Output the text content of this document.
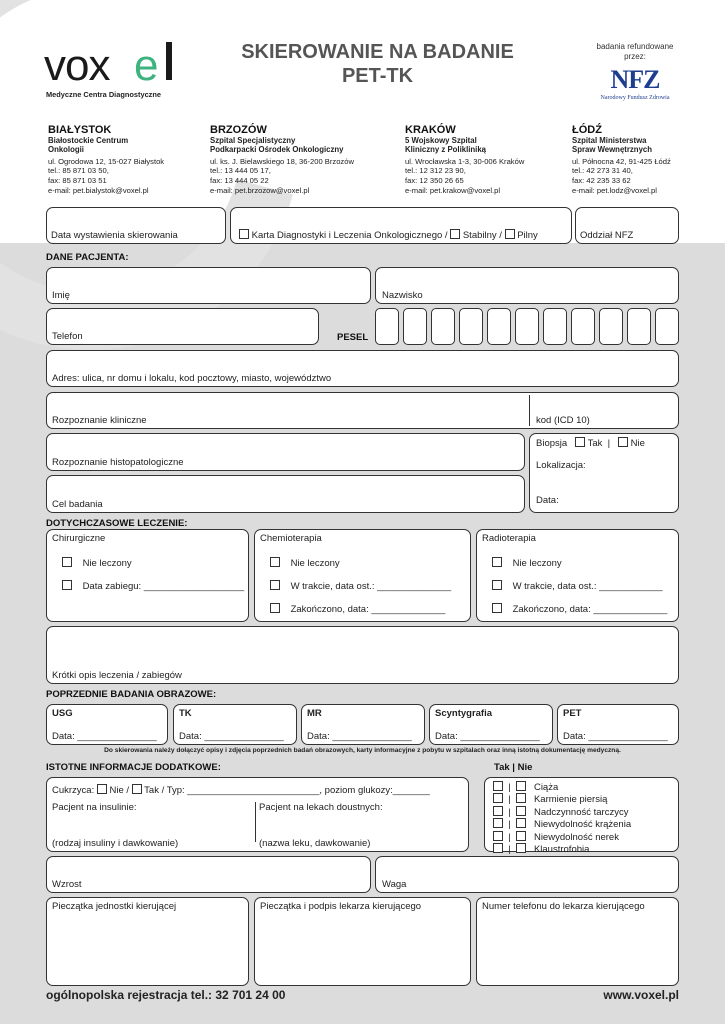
vox e
Medyczne Centra Diagnostyczne
SKIEROWANIE NA BADANIE
PET-TK
badania refundowane
przez:
NFZ
Narodowy Fundusz Zdrowia
BIAŁYSTOK
Białostockie Centrum
Onkologii
ul. Ogrodowa 12, 15-027 Białystok
tel.: 85 871 03 50,
fax: 85 871 03 51
e-mail: pet.bialystok@voxel.pl
BRZOZÓW
Szpital Specjalistyczny
Podkarpacki Ośrodek Onkologiczny
ul. ks. J. Bielawskiego 18, 36-200 Brzozów
tel.: 13 444 05 17,
fax: 13 444 05 22
e-mail: pet.brzozow@voxel.pl
KRAKÓW
5 Wojskowy Szpital
Kliniczny z Polikliniką
ul. Wrocławska 1-3, 30-006 Kraków
tel.: 12 312 23 90,
fax: 12 350 26 65
e-mail: pet.krakow@voxel.pl
ŁÓDŹ
Szpital Ministerstwa
Spraw Wewnętrznych
ul. Północna 42, 91-425 Łódź
tel.: 42 273 31 40,
fax: 42 235 33 62
e-mail: pet.lodz@voxel.pl
Data wystawienia skierowania	Karta Diagnostyki i Leczenia Onkologicznego / Stabilny / Pilny	Oddział NFZ
DANE PACJENTA:
Imię	Nazwisko
Telefon	PESEL
Adres: ulica, nr domu i lokalu, kod pocztowy, miasto, województwo
Rozpoznanie kliniczne	kod (ICD 10)
Rozpoznanie histopatologiczne
Cel badania
Biopsja Tak | Nie
Lokalizacja:
Data:
DOTYCHCZASOWE LECZENIE:
Chirurgiczne
Nie leczony
Data zabiegu: ___________________
Chemioterapia
Nie leczony
W trakcie, data ost.: ______________
Zakończono, data: ______________
Radioterapia
Nie leczony
W trakcie, data ost.: ____________
Zakończono, data: ______________
Krótki opis leczenia / zabiegów
POPRZEDNIE BADANIA OBRAZOWE:
USG
Data: _______________
TK
Data: _______________
MR
Data: _______________
Scyntygrafia
Data: _______________
PET
Data: _______________
Do skierowania należy dołączyć opisy i zdjęcia poprzednich badań obrazowych, karty informacyjne z pobytu w szpitalach oraz inną istotną dokumentację medyczną.
ISTOTNE INFORMACJE DODATKOWE:	Tak | Nie
Cukrzyca: Nie / Tak / Typ: _________________________, poziom glukozy:_______
Pacjent na insulinie:
(rodzaj insuliny i dawkowanie)
Pacjent na lekach doustnych:
(nazwa leku, dawkowanie)
| Ciąża
| Karmienie piersią
| Nadczynność tarczycy
| Niewydolność krążenia
| Niewydolność nerek
| Klaustrofobia
Wzrost	Waga
Pieczątka jednostki kierującej	Pieczątka i podpis lekarza kierującego	Numer telefonu do lekarza kierującego
ogólnopolska rejestracja tel.: 32 701 24 00	www.voxel.pl
